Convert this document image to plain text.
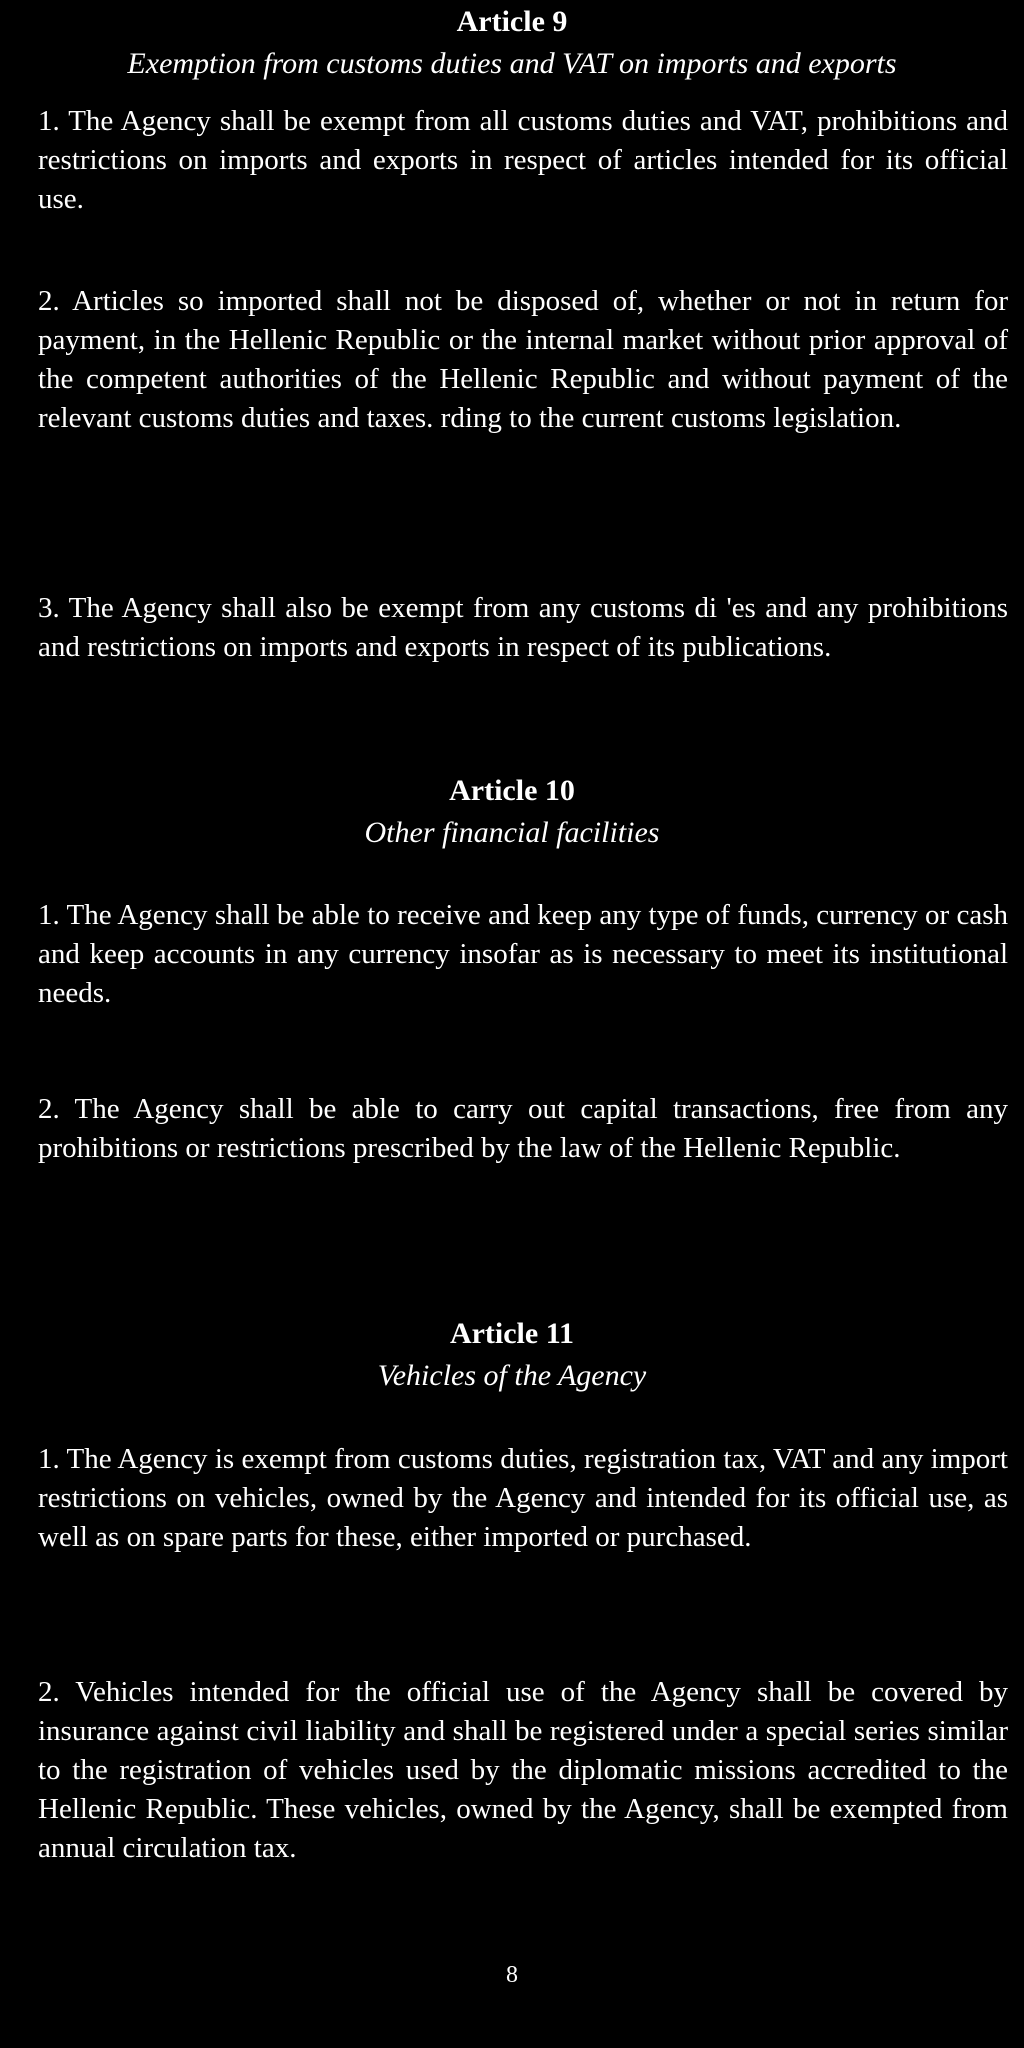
Article 9

Exemption from customs duties and VAT on imports and exports

1. The Agency shall be exempt from all customs duties and VAT, prohibitions and restrictions on imports and exports in respect of articles intended for its official use.

2. Articles so imported shall not be disposed of, whether or not in return for payment, in the Hellenic Republic or the internal market without prior approval of the competent authorities of the Hellenic Republic and without payment of the relevant customs duties and taxes. rding to the current customs legislation.

3. The Agency shall also be exempt from any customs di 'es and any prohibitions and restrictions on imports and exports in respect of its publications.

Article 10

Other financial facilities

1. The Agency shall be able to receive and keep any type of funds, currency or cash and keep accounts in any currency insofar as is necessary to meet its institutional needs.

2. The Agency shall be able to carry out capital transactions, free from any prohibitions or restrictions prescribed by the law of the Hellenic Republic.

Article 11

Vehicles of the Agency

1. The Agency is exempt from customs duties, registration tax, VAT and any import restrictions on vehicles, owned by the Agency and intended for its official use, as well as on spare parts for these, either imported or purchased.

2. Vehicles intended for the official use of the Agency shall be covered by insurance against civil liability and shall be registered under a special series similar to the registration of vehicles used by the diplomatic missions accredited to the Hellenic Republic. These vehicles, owned by the Agency, shall be exempted from annual circulation tax.

8
